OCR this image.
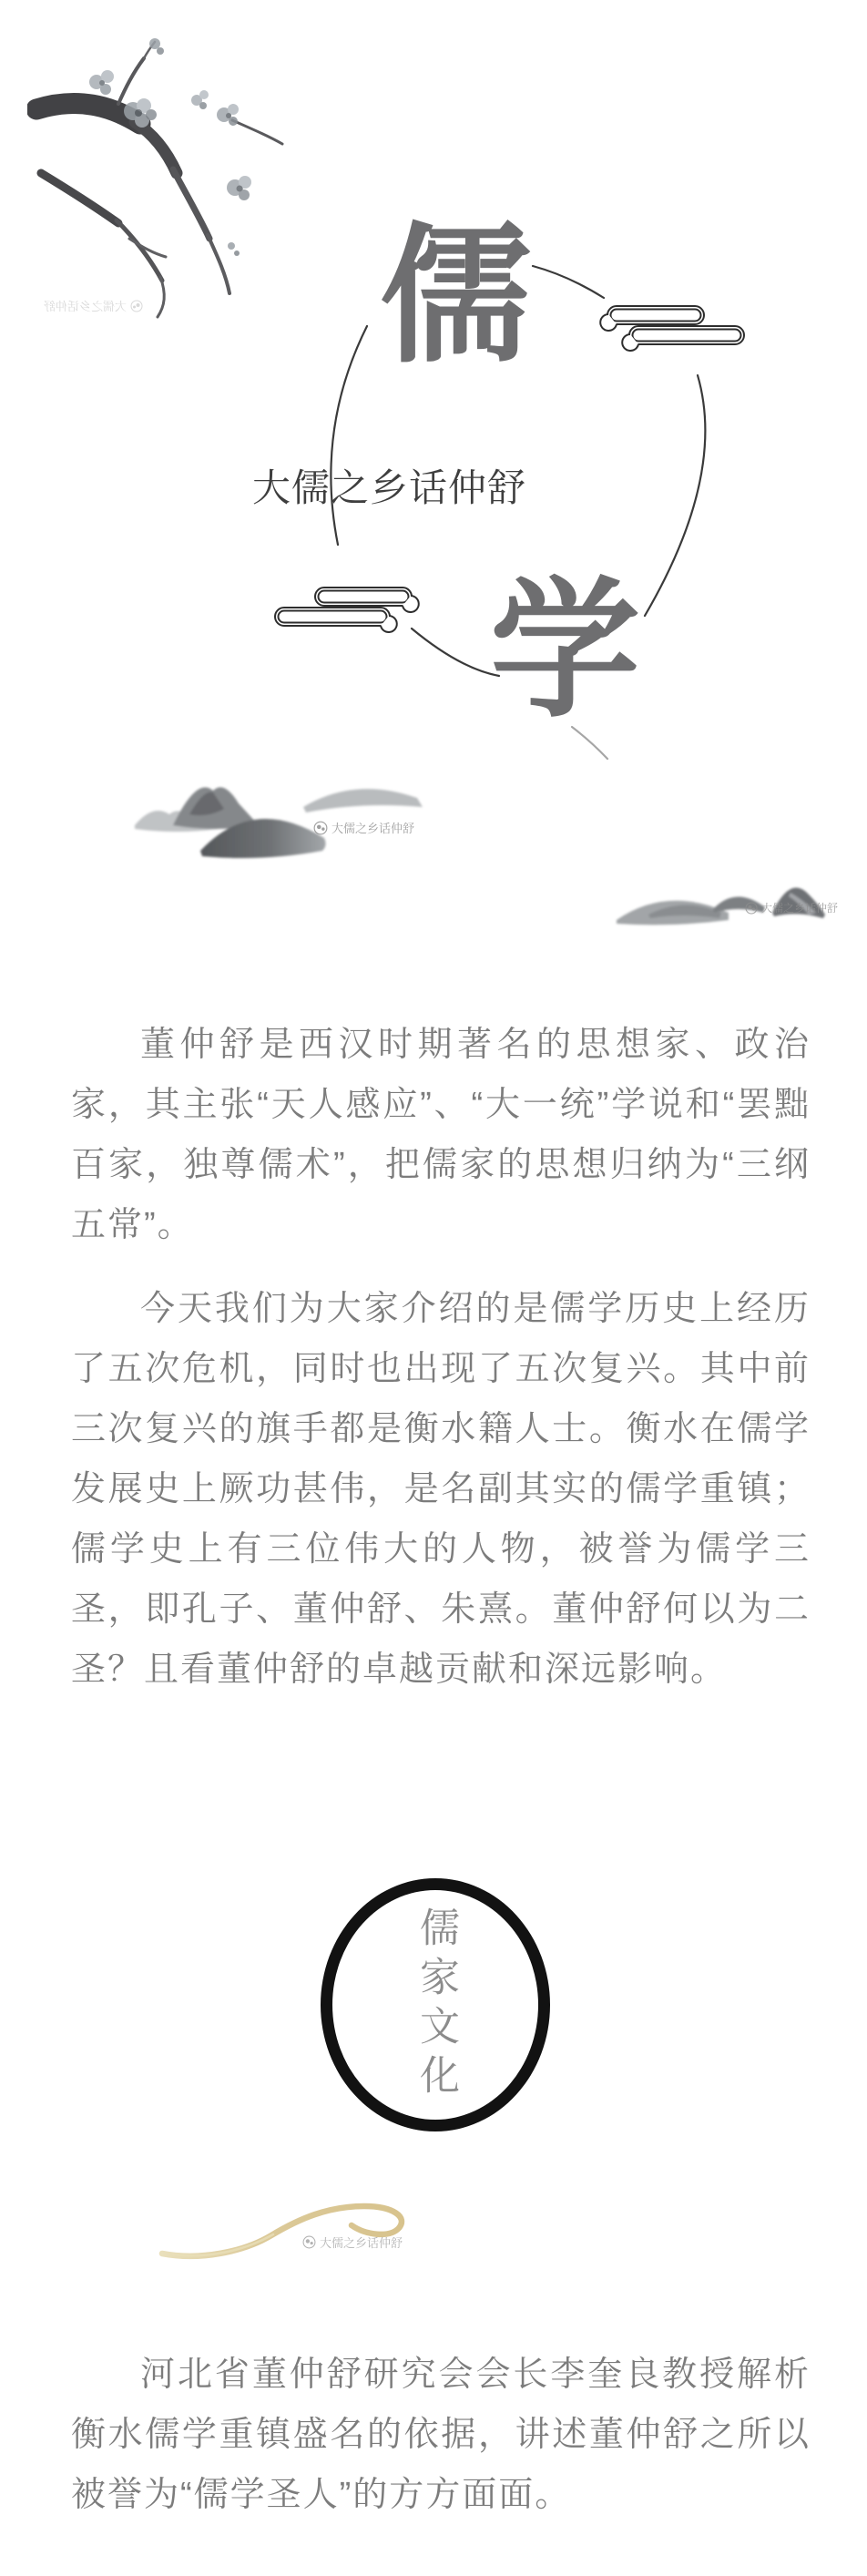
大儒之乡话仲舒 儒
大儒之乡话仲舒
学
大儒之乡话仲舒
大儒之乡话仲舒

董仲舒是西汉时期著名的思想家、政治家，其主张“天人感应”、“大一统”学说和“罢黜百家，独尊儒术”，把儒家的思想归纳为“三纲五常”。

今天我们为大家介绍的是儒学历史上经历了五次危机，同时也出现了五次复兴。其中前三次复兴的旗手都是衡水籍人士。衡水在儒学发展史上厥功甚伟，是名副其实的儒学重镇；儒学史上有三位伟大的人物，被誉为儒学三圣，即孔子、董仲舒、朱熹。董仲舒何以为二圣？且看董仲舒的卓越贡献和深远影响。

儒家文化
大儒之乡话仲舒

河北省董仲舒研究会会长李奎良教授解析衡水儒学重镇盛名的依据，讲述董仲舒之所以被誉为“儒学圣人”的方方面面。
